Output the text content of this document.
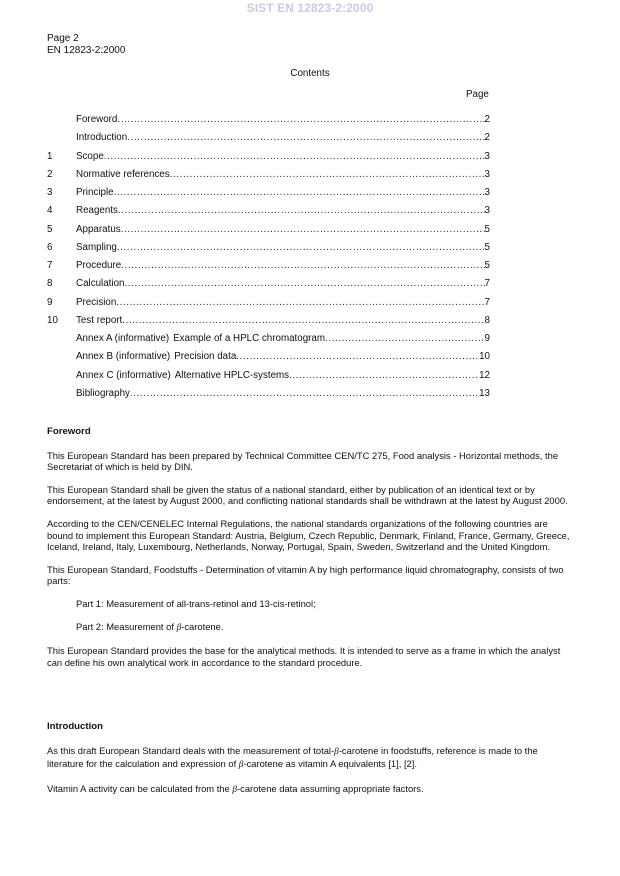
SIST EN 12823-2:2000
Page 2
EN 12823-2:2000
Contents
Page
Foreword .....	2
Introduction .....	2
1	Scope .....	3
2	Normative references .....	3
3	Principle .....	3
4	Reagents .....	3
5	Apparatus .....	5
6	Sampling .....	5
7	Procedure .....	5
8	Calculation .....	7
9	Precision .....	7
10	Test report .....	8
Annex A (informative) Example of a HPLC chromatogram .....	9
Annex B (informative) Precision data .....	10
Annex C (informative) Alternative HPLC-systems .....	12
Bibliography .....	13
Foreword

This European Standard has been prepared by Technical Committee CEN/TC 275, Food analysis - Horizontal methods, the Secretariat of which is held by DIN.

This European Standard shall be given the status of a national standard, either by publication of an identical text or by endorsement, at the latest by August 2000, and conflicting national standards shall be withdrawn at the latest by August 2000.

According to the CEN/CENELEC Internal Regulations, the national standards organizations of the following countries are bound to implement this European Standard: Austria, Belgium, Czech Republic, Denmark, Finland, France, Germany, Greece, Iceland, Ireland, Italy, Luxembourg, Netherlands, Norway, Portugal, Spain, Sweden, Switzerland and the United Kingdom.

This European Standard, Foodstuffs - Determination of vitamin A by high performance liquid chromatography, consists of two parts:

Part 1: Measurement of all-trans-retinol and 13-cis-retinol;

Part 2: Measurement of β-carotene.

This European Standard provides the base for the analytical methods. It is intended to serve as a frame in which the analyst can define his own analytical work in accordance to the standard procedure.

Introduction

As this draft European Standard deals with the measurement of total-β-carotene in foodstuffs, reference is made to the literature for the calculation and expression of β-carotene as vitamin A equivalents [1], [2].

Vitamin A activity can be calculated from the β-carotene data assuming appropriate factors.
